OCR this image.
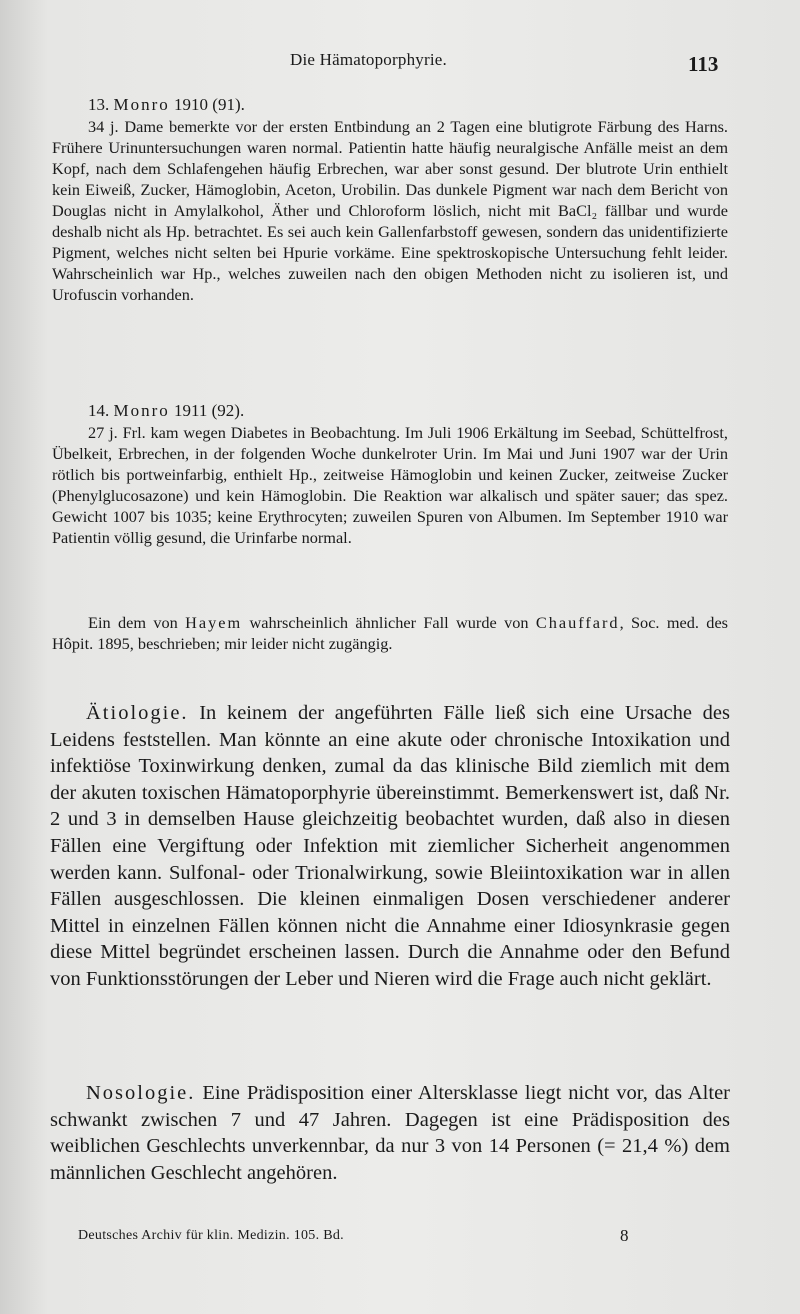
Die Hämatoporphyrie.	113
13. Monro 1910 (91).

34 j. Dame bemerkte vor der ersten Entbindung an 2 Tagen eine blutigrote Färbung des Harns. Frühere Urinuntersuchungen waren normal. Patientin hatte häufig neuralgische Anfälle meist an dem Kopf, nach dem Schlafengehen häufig Erbrechen, war aber sonst gesund. Der blutrote Urin enthielt kein Eiweiß, Zucker, Hämoglobin, Aceton, Urobilin. Das dunkele Pigment war nach dem Bericht von Douglas nicht in Amylalkohol, Äther und Chloroform löslich, nicht mit BaCl₂ fällbar und wurde deshalb nicht als Hp. betrachtet. Es sei auch kein Gallenfarbstoff gewesen, sondern das unidentifizierte Pigment, welches nicht selten bei Hpurie vorkäme. Eine spektroskopische Untersuchung fehlt leider. Wahrscheinlich war Hp., welches zuweilen nach den obigen Methoden nicht zu isolieren ist, und Urofuscin vorhanden.

14. Monro 1911 (92).

27 j. Frl. kam wegen Diabetes in Beobachtung. Im Juli 1906 Erkältung im Seebad, Schüttelfrost, Übelkeit, Erbrechen, in der folgenden Woche dunkelroter Urin. Im Mai und Juni 1907 war der Urin rötlich bis portweinfarbig, enthielt Hp., zeitweise Hämoglobin und keinen Zucker, zeitweise Zucker (Phenylglucosazone) und kein Hämoglobin. Die Reaktion war alkalisch und später sauer; das spez. Gewicht 1007 bis 1035; keine Erythrocyten; zuweilen Spuren von Albumen. Im September 1910 war Patientin völlig gesund, die Urinfarbe normal.

Ein dem von Hayem wahrscheinlich ähnlicher Fall wurde von Chauffard, Soc. med. des Hôpit. 1895, beschrieben; mir leider nicht zugängig.

Ätiologie. In keinem der angeführten Fälle ließ sich eine Ursache des Leidens feststellen. Man könnte an eine akute oder chronische Intoxikation und infektiöse Toxinwirkung denken, zumal da das klinische Bild ziemlich mit dem der akuten toxischen Hämatoporphyrie übereinstimmt. Bemerkenswert ist, daß Nr. 2 und 3 in demselben Hause gleichzeitig beobachtet wurden, daß also in diesen Fällen eine Vergiftung oder Infektion mit ziemlicher Sicherheit angenommen werden kann. Sulfonal- oder Trionalwirkung, sowie Bleiintoxikation war in allen Fällen ausgeschlossen. Die kleinen einmaligen Dosen verschiedener anderer Mittel in einzelnen Fällen können nicht die Annahme einer Idiosynkrasie gegen diese Mittel begründet erscheinen lassen. Durch die Annahme oder den Befund von Funktionsstörungen der Leber und Nieren wird die Frage auch nicht geklärt.

Nosologie. Eine Prädisposition einer Altersklasse liegt nicht vor, das Alter schwankt zwischen 7 und 47 Jahren. Dagegen ist eine Prädisposition des weiblichen Geschlechts unverkennbar, da nur 3 von 14 Personen (= 21,4 %) dem männlichen Geschlecht angehören.

Deutsches Archiv für klin. Medizin. 105. Bd.	8
